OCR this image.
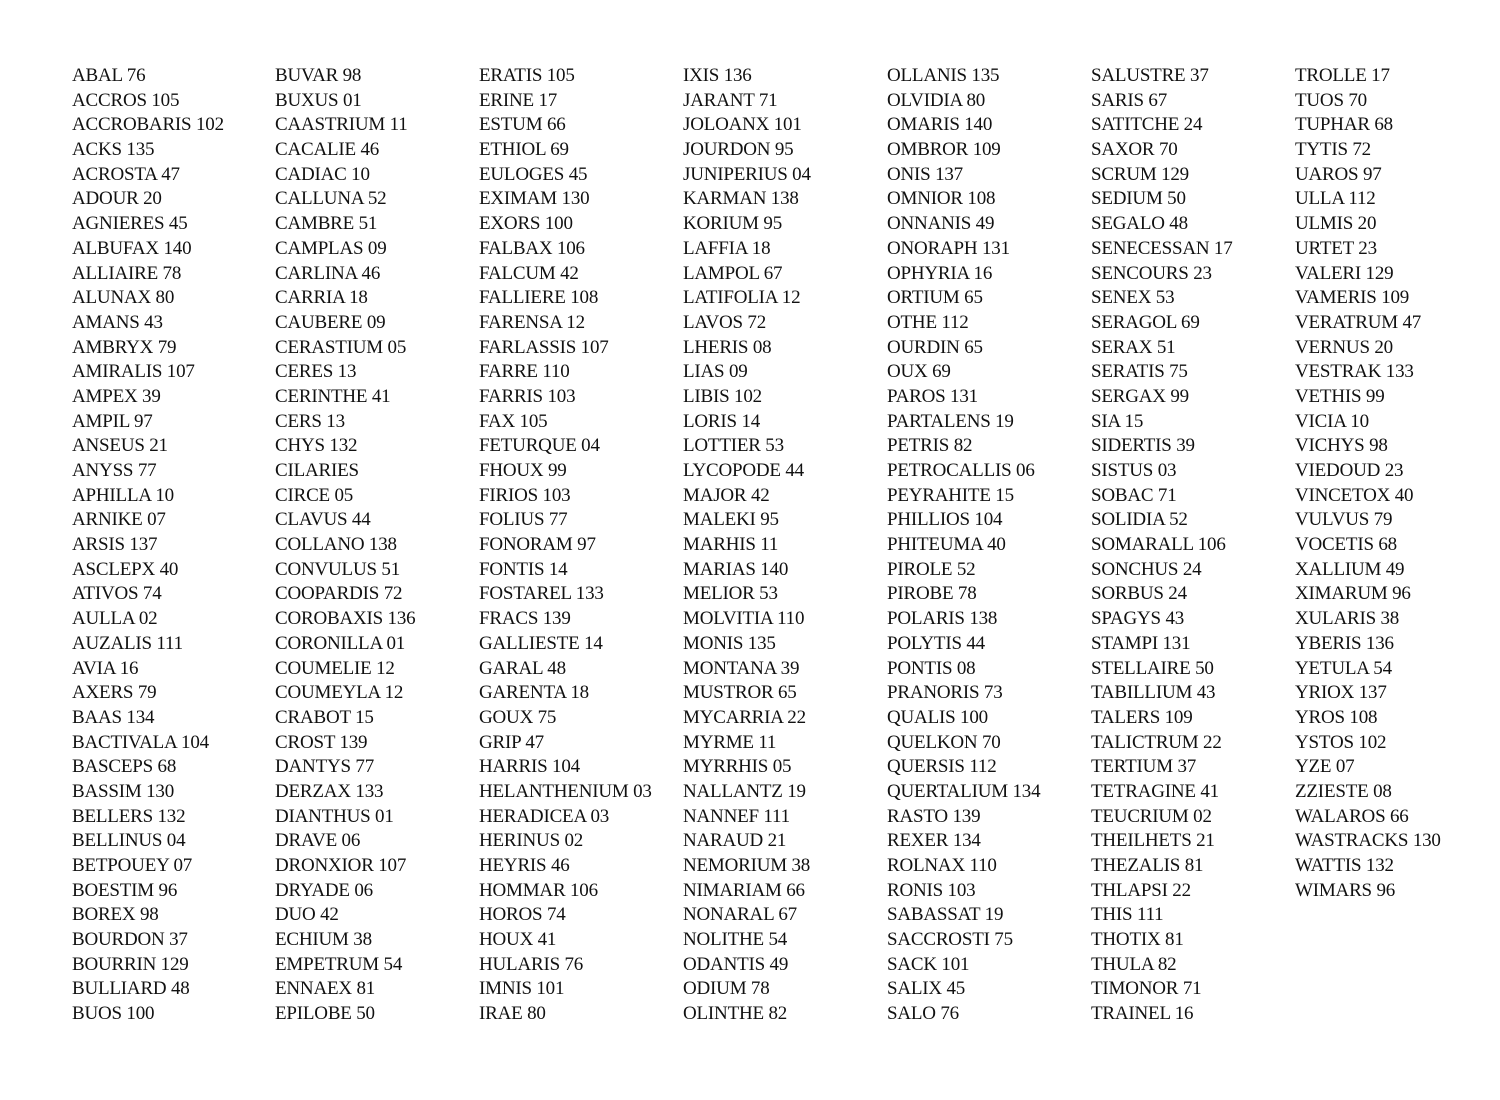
ABAL 76
ACCROS 105
ACCROBARIS 102
ACKS 135
ACROSTA 47
ADOUR 20
AGNIERES 45
ALBUFAX 140
ALLIAIRE 78
ALUNAX 80
AMANS 43
AMBRYX 79
AMIRALIS 107
AMPEX 39
AMPIL 97
ANSEUS 21
ANYSS 77
APHILLA 10
ARNIKE 07
ARSIS 137
ASCLEPX 40
ATIVOS 74
AULLA 02
AUZALIS 111
AVIA 16
AXERS 79
BAAS 134
BACTIVALA 104
BASCEPS 68
BASSIM 130
BELLERS 132
BELLINUS 04
BETPOUEY 07
BOESTIM 96
BOREX 98
BOURDON 37
BOURRIN 129
BULLIARD 48
BUOS 100
BUVAR 98
BUXUS 01
CAASTRIUM 11
CACALIE 46
CADIAC 10
CALLUNA 52
CAMBRE 51
CAMPLAS 09
CARLINA 46
CARRIA 18
CAUBERE 09
CERASTIUM 05
CERES 13
CERINTHE 41
CERS 13
CHYS 132
CILARIES
CIRCE 05
CLAVUS 44
COLLANO 138
CONVULUS 51
COOPARDIS 72
COROBAXIS 136
CORONILLA 01
COUMELIE 12
COUMEYLA 12
CRABOT 15
CROST 139
DANTYS 77
DERZAX 133
DIANTHUS 01
DRAVE 06
DRONXIOR 107
DRYADE 06
DUO 42
ECHIUM 38
EMPETRUM 54
ENNAEX 81
EPILOBE 50
ERATIS 105
ERINE 17
ESTUM 66
ETHIOL 69
EULOGES 45
EXIMAM 130
EXORS 100
FALBAX 106
FALCUM 42
FALLIERE 108
FARENSA 12
FARLASSIS 107
FARRE 110
FARRIS 103
FAX 105
FETURQUE 04
FHOUX 99
FIRIOS 103
FOLIUS 77
FONORAM 97
FONTIS 14
FOSTAREL 133
FRACS 139
GALLIESTE 14
GARAL 48
GARENTA 18
GOUX 75
GRIP 47
HARRIS 104
HELANTHENIUM 03
HERADICEA 03
HERINUS 02
HEYRIS 46
HOMMAR 106
HOROS 74
HOUX 41
HULARIS 76
IMNIS 101
IRAE 80
IXIS 136
JARANT 71
JOLOANX 101
JOURDON 95
JUNIPERIUS 04
KARMAN 138
KORIUM 95
LAFFIA 18
LAMPOL 67
LATIFOLIA 12
LAVOS 72
LHERIS 08
LIAS 09
LIBIS 102
LORIS 14
LOTTIER 53
LYCOPODE 44
MAJOR 42
MALEKI 95
MARHIS 11
MARIAS 140
MELIOR 53
MOLVITIA 110
MONIS 135
MONTANA 39
MUSTROR 65
MYCARRIA 22
MYRME 11
MYRRHIS 05
NALLANTZ 19
NANNEF 111
NARAUD 21
NEMORIUM 38
NIMARIAM 66
NONARAL 67
NOLITHE 54
ODANTIS 49
ODIUM 78
OLINTHE 82
OLLANIS 135
OLVIDIA 80
OMARIS 140
OMBROR 109
ONIS 137
OMNIOR 108
ONNANIS 49
ONORAPH 131
OPHYRIA 16
ORTIUM 65
OTHE 112
OURDIN 65
OUX 69
PAROS 131
PARTALENS 19
PETRIS 82
PETROCALLIS 06
PEYRAHITE 15
PHILLIOS 104
PHITEUMA 40
PIROLE 52
PIROBE 78
POLARIS 138
POLYTIS 44
PONTIS 08
PRANORIS 73
QUALIS 100
QUELKON 70
QUERSIS 112
QUERTALIUM 134
RASTO 139
REXER 134
ROLNAX 110
RONIS 103
SABASSAT 19
SACCROSTI 75
SACK 101
SALIX 45
SALO 76
SALUSTRE 37
SARIS 67
SATITCHE 24
SAXOR 70
SCRUM 129
SEDIUM 50
SEGALO 48
SENECESSAN 17
SENCOURS 23
SENEX 53
SERAGOL 69
SERAX 51
SERATIS 75
SERGAX 99
SIA 15
SIDERTIS 39
SISTUS 03
SOBAC 71
SOLIDIA 52
SOMARALL 106
SONCHUS 24
SORBUS 24
SPAGYS 43
STAMPI 131
STELLAIRE 50
TABILLIUM 43
TALERS 109
TALICTRUM 22
TERTIUM 37
TETRAGINE 41
TEUCRIUM 02
THEILHETS 21
THEZALIS 81
THLAPSI 22
THIS 111
THOTIX 81
THULA 82
TIMONOR 71
TRAINEL 16
TROLLE 17
TUOS 70
TUPHAR 68
TYTIS 72
UAROS 97
ULLA 112
ULMIS 20
URTET 23
VALERI 129
VAMERIS 109
VERATRUM 47
VERNUS 20
VESTRAK 133
VETHIS 99
VICIA 10
VICHYS 98
VIEDOUD 23
VINCETOX 40
VULVUS 79
VOCETIS 68
XALLIUM 49
XIMARUM 96
XULARIS 38
YBERIS 136
YETULA 54
YRIOX 137
YROS 108
YSTOS 102
YZE 07
ZZIESTE 08
WALAROS 66
WASTRACKS 130
WATTIS 132
WIMARS 96
